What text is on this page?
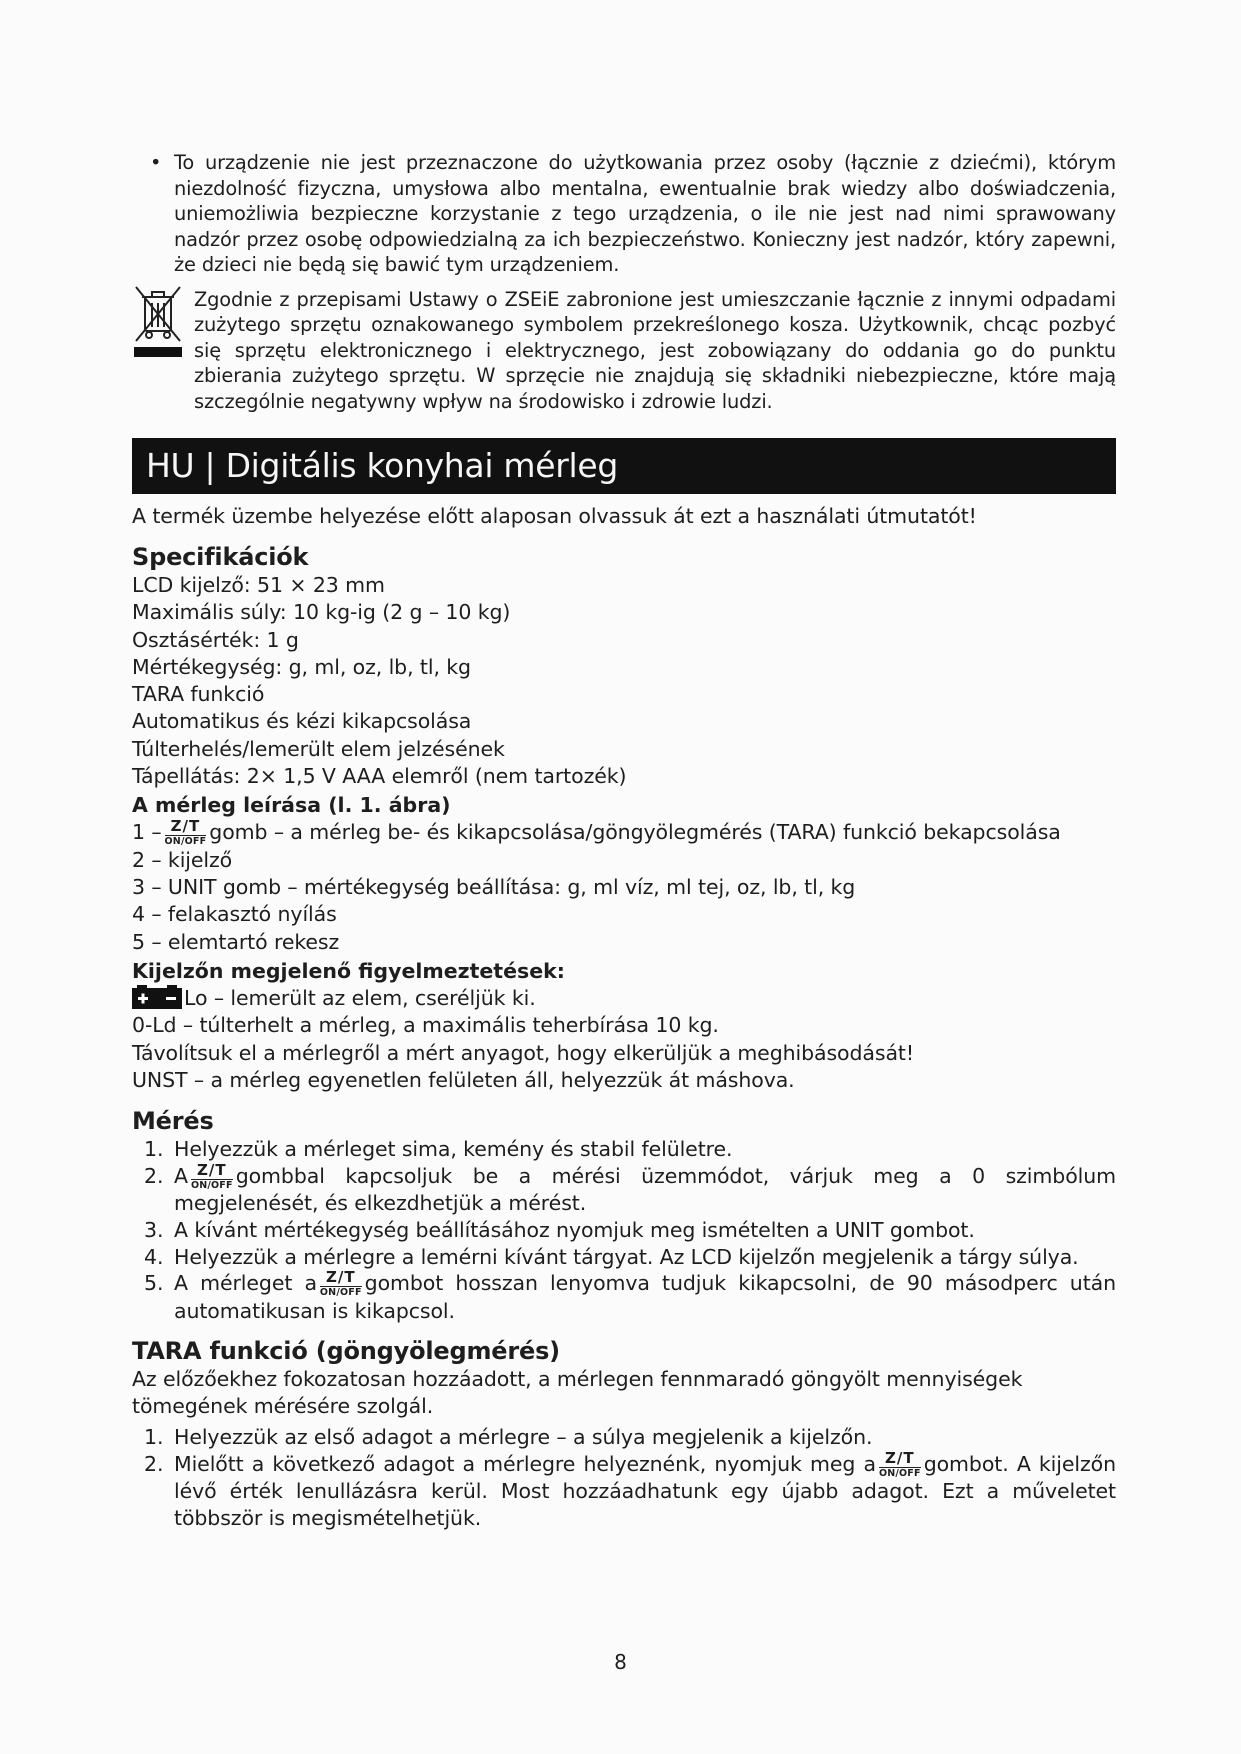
• To urządzenie nie jest przeznaczone do użytkowania przez osoby (łącznie z dziećmi), którym niezdolność fizyczna, umysłowa albo mentalna, ewentualnie brak wiedzy albo doświadczenia, uniemożliwia bezpieczne korzystanie z tego urządzenia, o ile nie jest nad nimi sprawowany nadzór przez osobę odpowiedzialną za ich bezpieczeństwo. Konieczny jest nadzór, który zapewni, że dzieci nie będą się bawić tym urządzeniem.
Zgodnie z przepisami Ustawy o ZSEiE zabronione jest umieszczanie łącznie z innymi odpadami zużytego sprzętu oznakowanego symbolem przekreślonego kosza. Użytkownik, chcąc pozbyć się sprzętu elektronicznego i elektrycznego, jest zobowiązany do oddania go do punktu zbierania zużytego sprzętu. W sprzęcie nie znajdują się składniki niebezpieczne, które mają szczególnie negatywny wpływ na środowisko i zdrowie ludzi.
HU | Digitális konyhai mérleg
A termék üzembe helyezése előtt alaposan olvassuk át ezt a használati útmutatót!
Specifikációk
LCD kijelző: 51 × 23 mm
Maximális súly: 10 kg-ig (2 g – 10 kg)
Osztásérték: 1 g
Mértékegység: g, ml, oz, lb, tl, kg
TARA funkció
Automatikus és kézi kikapcsolása
Túlterhelés/lemerült elem jelzésének
Tápellátás: 2× 1,5 V AAA elemről (nem tartozék)
A mérleg leírása (l. 1. ábra)
1 – Z/T
ON/OFF gomb – a mérleg be- és kikapcsolása/göngyölegmérés (TARA) funkció bekapcsolása
2 – kijelző
3 – UNIT gomb – mértékegység beállítása: g, ml víz, ml tej, oz, lb, tl, kg
4 – felakasztó nyílás
5 – elemtartó rekesz
Kijelzőn megjelenő figyelmeztetések:
Lo – lemerült az elem, cseréljük ki.
0-Ld – túlterhelt a mérleg, a maximális teherbírása 10 kg.
Távolítsuk el a mérlegről a mért anyagot, hogy elkerüljük a meghibásodását!
UNST – a mérleg egyenetlen felületen áll, helyezzük át máshova.
Mérés
1. Helyezzük a mérleget sima, kemény és stabil felületre.
2. A Z/T
ON/OFF gombbal kapcsoljuk be a mérési üzemmódot, várjuk meg a 0 szimbólum megjelenését, és elkezdhetjük a mérést.
3. A kívánt mértékegység beállításához nyomjuk meg ismételten a UNIT gombot.
4. Helyezzük a mérlegre a lemérni kívánt tárgyat. Az LCD kijelzőn megjelenik a tárgy súlya.
5. A mérleget a Z/T
ON/OFF gombot hosszan lenyomva tudjuk kikapcsolni, de 90 másodperc után automatikusan is kikapcsol.
TARA funkció (göngyölegmérés)
Az előzőekhez fokozatosan hozzáadott, a mérlegen fennmaradó göngyölt mennyiségek tömegének mérésére szolgál.
1. Helyezzük az első adagot a mérlegre – a súlya megjelenik a kijelzőn.
2. Mielőtt a következő adagot a mérlegre helyeznénk, nyomjuk meg a Z/T
ON/OFF gombot. A kijelzőn lévő érték lenullázásra kerül. Most hozzáadhatunk egy újabb adagot. Ezt a műveletet többször is megismételhetjük.
8
